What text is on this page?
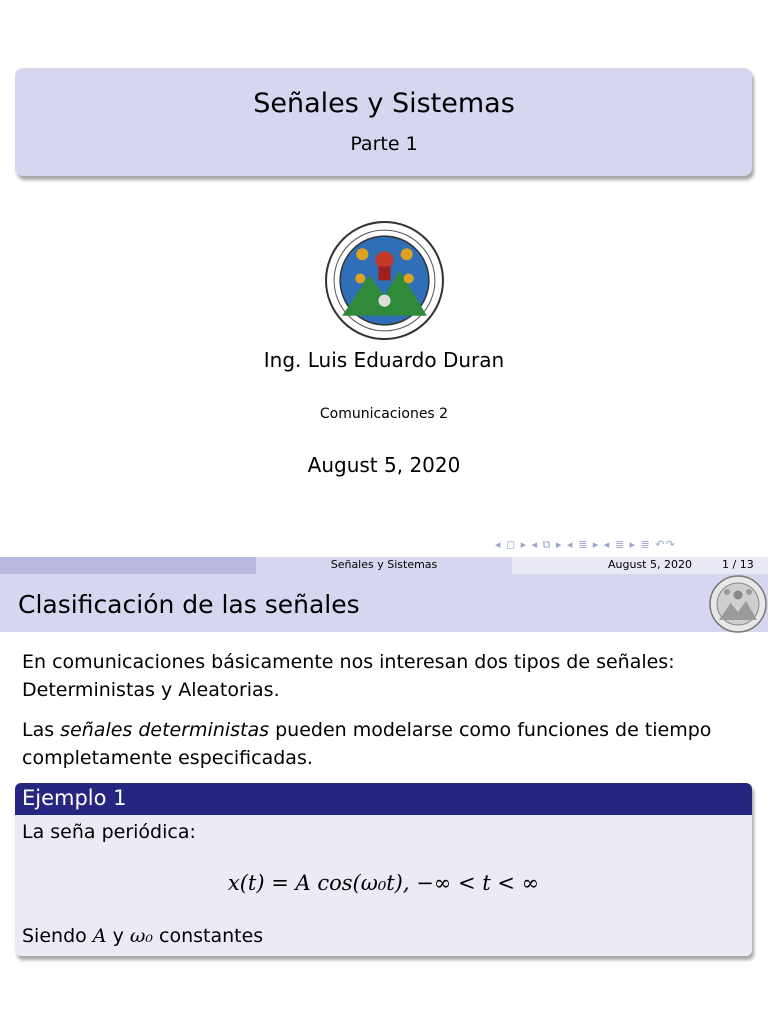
Señales y Sistemas
Parte 1
Ing. Luis Eduardo Duran
Comunicaciones 2
August 5, 2020
◂ ◻ ▸ ◂ ⧉ ▸ ◂ ≣ ▸ ◂ ≣ ▸ ≣ ↶↷
Señales y Sistemas	August 5, 2020	1 / 13
Clasificación de las señales
En comunicaciones básicamente nos interesan dos tipos de señales: Deterministas y Aleatorias.
Las señales deterministas pueden modelarse como funciones de tiempo completamente especificadas.
Ejemplo 1
La seña periódica:
x(t) = A cos(ω₀t), −∞ < t < ∞
Siendo A y ω₀ constantes
